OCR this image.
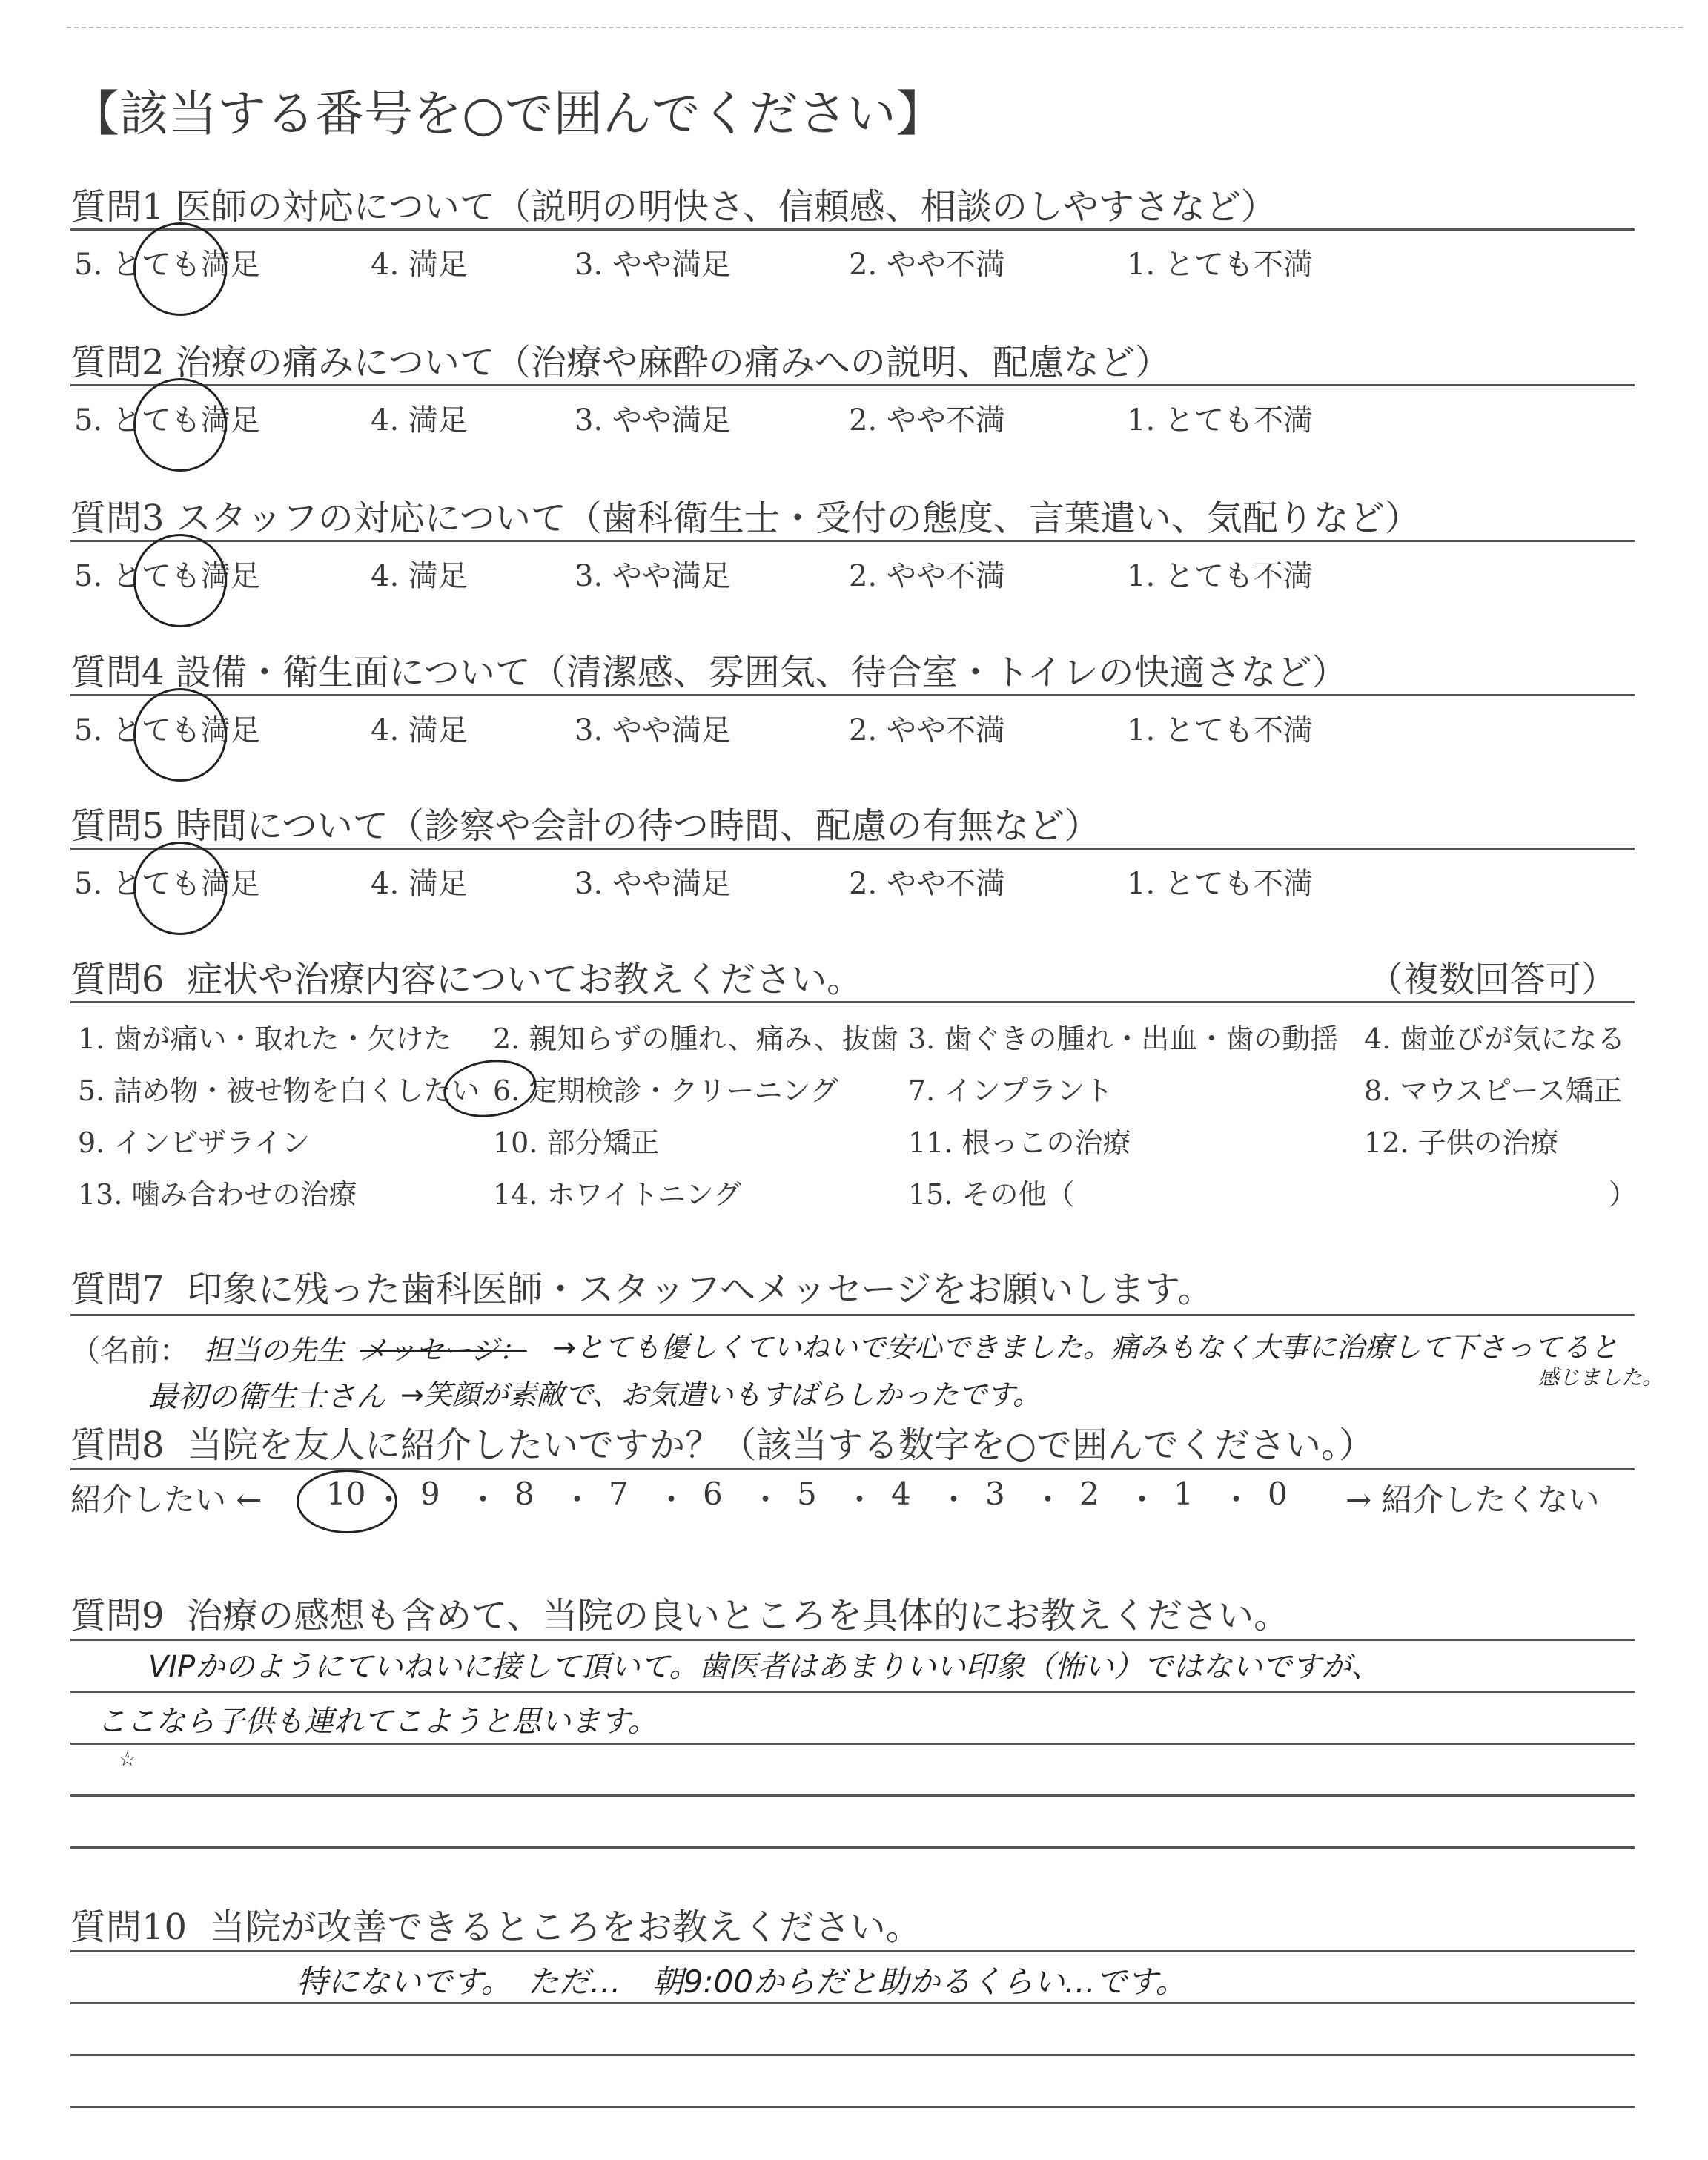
【該当する番号を○で囲んでください】
質問1 医師の対応について（説明の明快さ、信頼感、相談のしやすさなど）
5. とても満足	4. 満足	3. やや満足	2. やや不満	1. とても不満
質問2 治療の痛みについて（治療や麻酔の痛みへの説明、配慮など）
5. とても満足	4. 満足	3. やや満足	2. やや不満	1. とても不満
質問3 スタッフの対応について（歯科衛生士・受付の態度、言葉遣い、気配りなど）
5. とても満足	4. 満足	3. やや満足	2. やや不満	1. とても不満
質問4 設備・衛生面について（清潔感、雰囲気、待合室・トイレの快適さなど）
5. とても満足	4. 満足	3. やや満足	2. やや不満	1. とても不満
質問5 時間について（診察や会計の待つ時間、配慮の有無など）
5. とても満足	4. 満足	3. やや満足	2. やや不満	1. とても不満
質問6 症状や治療内容についてお教えください。	（複数回答可）
1. 歯が痛い・取れた・欠けた 2. 親知らずの腫れ、痛み、抜歯 3. 歯ぐきの腫れ・出血・歯の動揺 4. 歯並びが気になる
5. 詰め物・被せ物を白くしたい 6. 定期検診・クリーニング 7. インプラント	8. マウスピース矯正
9. インビザライン	10. 部分矯正	11. 根っこの治療	12. 子供の治療
13. 噛み合わせの治療	14. ホワイトニング	15. その他（	）
質問7 印象に残った歯科医師・スタッフへメッセージをお願いします。
（名前： 担当の先生 メッセージ： →とても優しくていねいで安心できました。痛みもなく大事に治療して下さってると
感じました。
最初の衛生士さん →笑顔が素敵で、お気遣いもすばらしかったです。
質問8 当院を友人に紹介したいですか？（該当する数字を○で囲んでください。）
紹介したい ←	→ 紹介したくない
10 ・ 9 ・ 8 ・ 7 ・ 6 ・ 5 ・ 4 ・ 3 ・ 2 ・ 1 ・ 0
質問9 治療の感想も含めて、当院の良いところを具体的にお教えください。
VIPかのようにていねいに接して頂いて。歯医者はあまりいい印象（怖い）ではないですが、
ここなら子供も連れてこようと思います。
☆
質問10 当院が改善できるところをお教えください。
特にないです。　ただ…　朝9:00からだと助かるくらい…です。
